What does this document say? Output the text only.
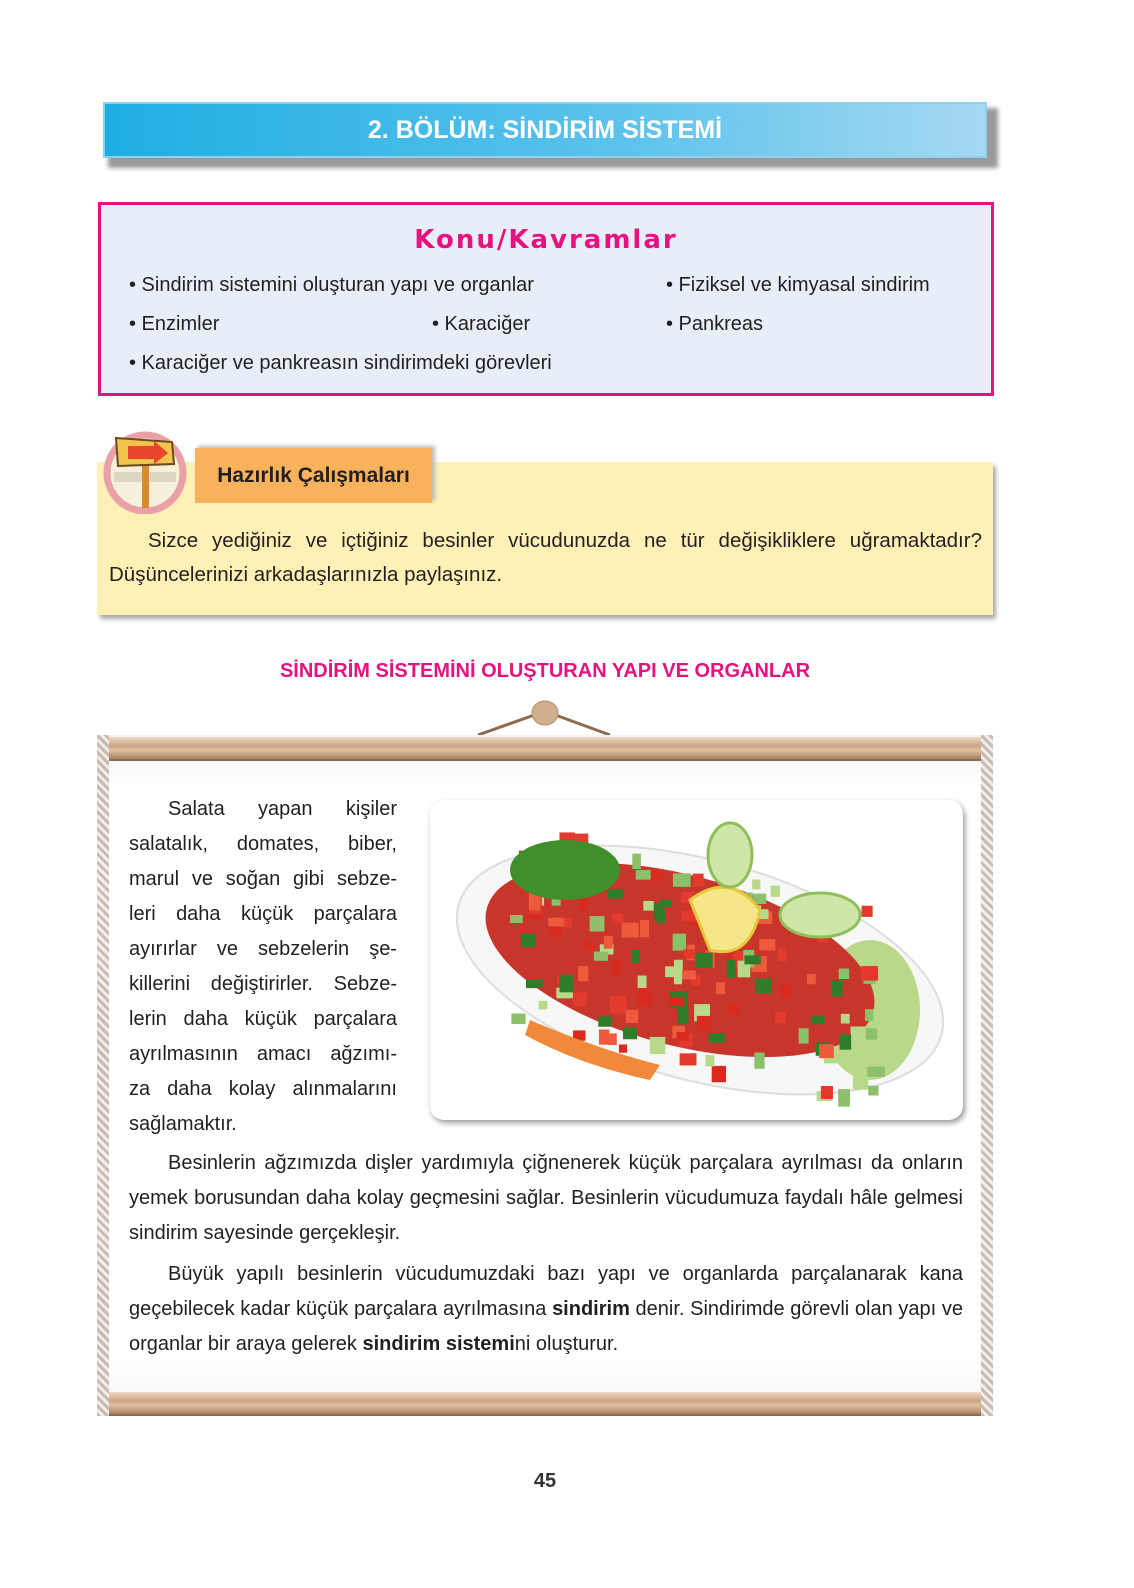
2. BÖLÜM: SİNDİRİM SİSTEMİ
Konu/Kavramlar
• Sindirim sistemini oluşturan yapı ve organlar	• Fiziksel ve kimyasal sindirim
• Enzimler	• Karaciğer	• Pankreas
• Karaciğer ve pankreasın sindirimdeki görevleri
Sizce yediğiniz ve içtiğiniz besinler vücudunuzda ne tür değişikliklere uğramaktadır?
Düşüncelerinizi arkadaşlarınızla paylaşınız.
Hazırlık Çalışmaları
SİNDİRİM SİSTEMİNİ OLUŞTURAN YAPI VE ORGANLAR
Salata yapan kişiler
salatalık, domates, biber,
marul ve soğan gibi sebze-
leri daha küçük parçalara
ayırırlar ve sebzelerin şe-
killerini değiştirirler. Sebze-
lerin daha küçük parçalara
ayrılmasının amacı ağzımı-
za daha kolay alınmalarını
sağlamaktır.
Besinlerin ağzımızda dişler yardımıyla çiğnenerek küçük parçalara ayrılması da onların yemek borusundan daha kolay geçmesini sağlar. Besinlerin vücudumuza faydalı hâle gelmesi sindirim sayesinde gerçekleşir.
Büyük yapılı besinlerin vücudumuzdaki bazı yapı ve organlarda parçalanarak kana geçebilecek kadar küçük parçalara ayrılmasına sindirim denir. Sindirimde görevli olan yapı ve organlar bir araya gelerek sindirim sistemini oluşturur.
45
